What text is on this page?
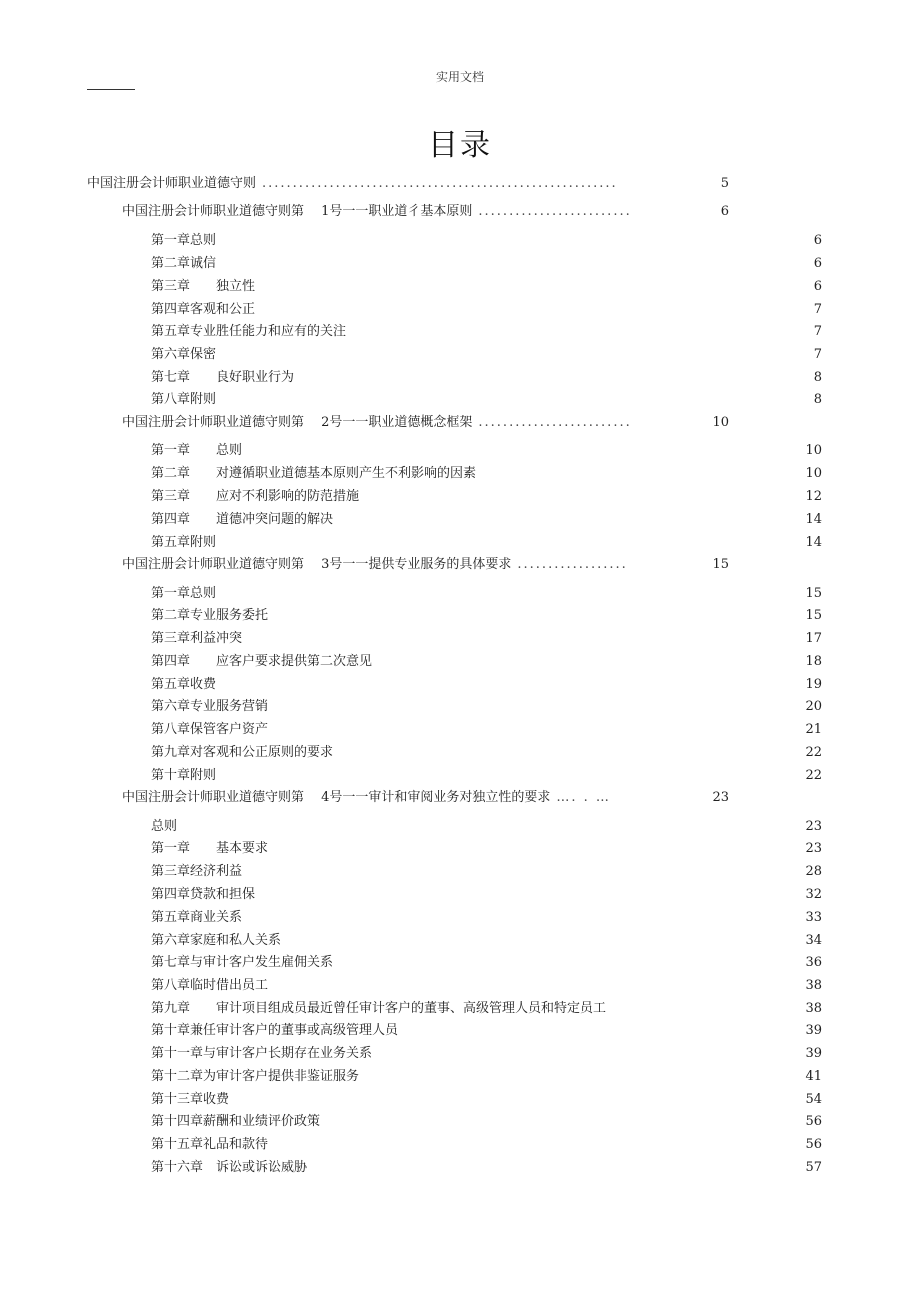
实用文档
目录
中国注册会计师职业道德守则 ..........................................................	5
中国注册会计师职业道德守则第　 1号一一职业道彳基本原则 .........................	6
第一章总则	6
第二章诚信	6
第三章　　独立性	6
第四章客观和公正	7
第五章专业胜任能力和应有的关注	7
第六章保密	7
第七章　　良好职业行为	8
第八章附则	8
中国注册会计师职业道德守则第　 2号一一职业道德概念框架 .........................	10
第一章　　总则	10
第二章　　对遵循职业道德基本原则产生不利影响的因素	10
第三章　　应对不利影响的防范措施	12
第四章　　道德冲突问题的解决	14
第五章附则	14
中国注册会计师职业道德守则第　 3号一一提供专业服务的具体要求 ..................	15
第一章总则	15
第二章专业服务委托	15
第三章利益冲突	17
第四章　　应客户要求提供第二次意见	18
第五章收费	19
第六章专业服务营销	20
第八章保管客户资产	21
第九章对客观和公正原则的要求	22
第十章附则	22
中国注册会计师职业道德守则第　 4号一一审计和审阅业务对独立性的要求 …. . …	23
总则	23
第一章　　基本要求	23
第三章经济利益	28
第四章贷款和担保	32
第五章商业关系	33
第六章家庭和私人关系	34
第七章与审计客户发生雇佣关系	36
第八章临时借出员工	38
第九章　　审计项目组成员最近曾任审计客户的董事、高级管理人员和特定员工	38
第十章兼任审计客户的董事或高级管理人员	39
第十一章与审计客户长期存在业务关系	39
第十二章为审计客户提供非鉴证服务	41
第十三章收费	54
第十四章薪酬和业绩评价政策	56
第十五章礼品和款待	56
第十六章　诉讼或诉讼威胁	57
